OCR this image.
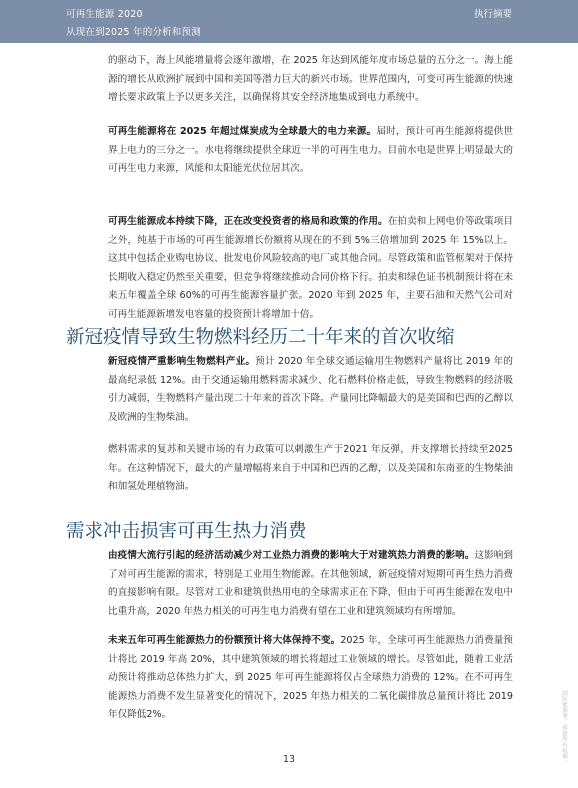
可再生能源 2020
从现在到2025 年的分析和预测
执行摘要

的驱动下，海上风能增量将会逐年激增，在 2025 年达到风能年度市场总量的五分之一。海上能源的增长从欧洲扩展到中国和美国等潜力巨大的新兴市场。世界范围内，可变可再生能源的快速增长要求政策上予以更多关注，以确保将其安全经济地集成到电力系统中。

可再生能源将在 2025 年超过煤炭成为全球最大的电力来源。届时，预计可再生能源将提供世界上电力的三分之一。水电将继续提供全球近一半的可再生电力。目前水电是世界上明显最大的可再生电力来源，风能和太阳能光伏位居其次。

可再生能源成本持续下降，正在改变投资者的格局和政策的作用。在拍卖和上网电价等政策项目之外，纯基于市场的可再生能源增长份额将从现在的不到 5%三倍增加到 2025 年 15%以上。这其中包括企业购电协议、批发电价风险较高的电厂或其他合同。尽管政策和监管框架对于保持长期收入稳定仍然至关重要，但竞争将继续推动合同价格下行。拍卖和绿色证书机制预计将在未来五年覆盖全球 60%的可再生能源容量扩张。2020 年到 2025 年，主要石油和天然气公司对可再生能源新增发电容量的投资预计将增加十倍。

新冠疫情导致生物燃料经历二十年来的首次收缩

新冠疫情严重影响生物燃料产业。预计 2020 年全球交通运输用生物燃料产量将比 2019 年的最高纪录低 12%。由于交通运输用燃料需求减少、化石燃料价格走低，导致生物燃料的经济吸引力减弱，生物燃料产量出现二十年来的首次下降。产量同比降幅最大的是美国和巴西的乙醇以及欧洲的生物柴油。

燃料需求的复苏和关键市场的有力政策可以刺激生产于2021 年反弹，并支撑增长持续至2025 年。在这种情况下，最大的产量增幅将来自于中国和巴西的乙醇，以及美国和东南亚的生物柴油和加氢处理植物油。

需求冲击损害可再生热力消费

由疫情大流行引起的经济活动减少对工业热力消费的影响大于对建筑热力消费的影响。这影响到了对可再生能源的需求，特别是工业用生物能源。在其他领域，新冠疫情对短期可再生热力消费的直接影响有限。尽管对工业和建筑供热用电的全球需求正在下降，但由于可再生能源在发电中比重升高，2020 年热力相关的可再生电力消费有望在工业和建筑领域均有所增加。

未来五年可再生能源热力的份额预计将大体保持不变。2025 年，全球可再生能源热力消费量预计将比 2019 年高 20%，其中建筑领域的增长将超过工业领域的增长。尽管如此，随着工业活动预计将推动总体热力扩大，到 2025 年可再生能源将仅占全球热力消费的 12%。在不可再生能源热力消费不发生显著变化的情况下，2025 年热力相关的二氧化碳排放总量预计将比 2019 年仅降低2%。

13	国际能源署，保留所有权利。
